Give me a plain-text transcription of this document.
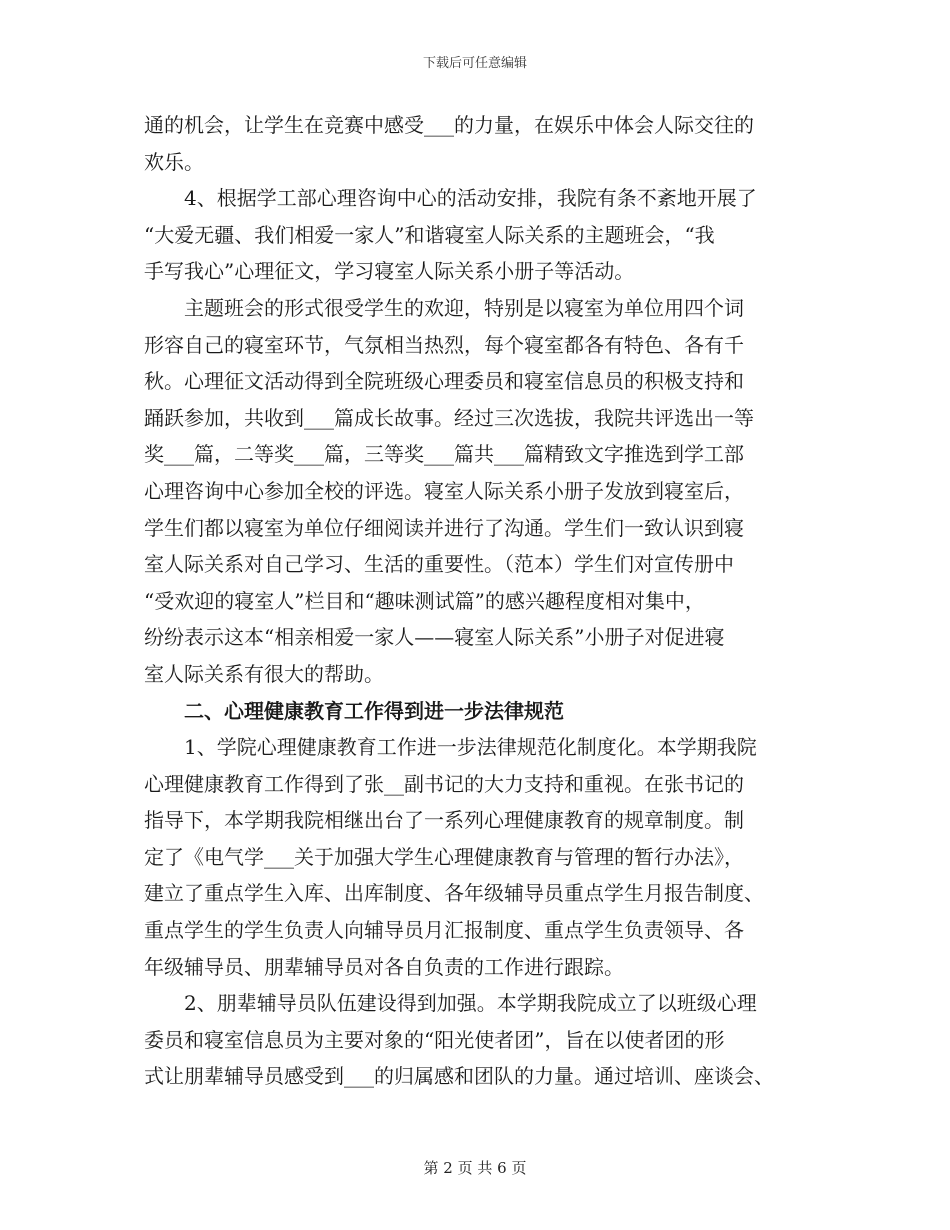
下载后可任意编辑
通的机会，让学生在竞赛中感受___的力量，在娱乐中体会人际交往的
欢乐。
4、根据学工部心理咨询中心的活动安排，我院有条不紊地开展了
“大爱无疆、我们相爱一家人”和谐寝室人际关系的主题班会，“我
手写我心”心理征文，学习寝室人际关系小册子等活动。
主题班会的形式很受学生的欢迎，特别是以寝室为单位用四个词
形容自己的寝室环节，气氛相当热烈，每个寝室都各有特色、各有千
秋。心理征文活动得到全院班级心理委员和寝室信息员的积极支持和
踊跃参加，共收到___篇成长故事。经过三次选拔，我院共评选出一等
奖___篇，二等奖___篇，三等奖___篇共___篇精致文字推选到学工部
心理咨询中心参加全校的评选。寝室人际关系小册子发放到寝室后，
学生们都以寝室为单位仔细阅读并进行了沟通。学生们一致认识到寝
室人际关系对自己学习、生活的重要性。（范本）学生们对宣传册中
“受欢迎的寝室人”栏目和“趣味测试篇”的感兴趣程度相对集中，
纷纷表示这本“相亲相爱一家人——寝室人际关系”小册子对促进寝
室人际关系有很大的帮助。
二、心理健康教育工作得到进一步法律规范
1、学院心理健康教育工作进一步法律规范化制度化。本学期我院
心理健康教育工作得到了张__副书记的大力支持和重视。在张书记的
指导下，本学期我院相继出台了一系列心理健康教育的规章制度。制
定了《电气学___关于加强大学生心理健康教育与管理的暂行办法》，
建立了重点学生入库、出库制度、各年级辅导员重点学生月报告制度、
重点学生的学生负责人向辅导员月汇报制度、重点学生负责领导、各
年级辅导员、朋辈辅导员对各自负责的工作进行跟踪。
2、朋辈辅导员队伍建设得到加强。本学期我院成立了以班级心理
委员和寝室信息员为主要对象的“阳光使者团”，旨在以使者团的形
式让朋辈辅导员感受到___的归属感和团队的力量。通过培训、座谈会、
第 2 页 共 6 页
